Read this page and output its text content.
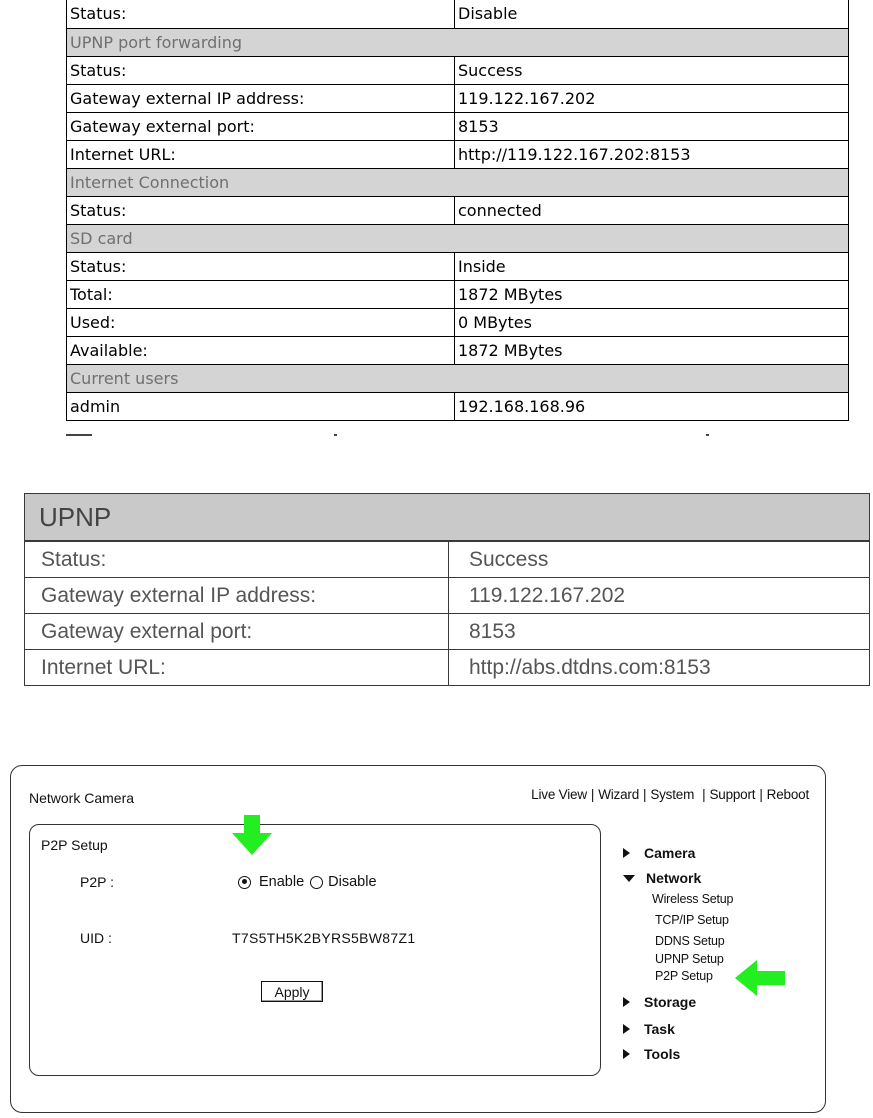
Status:	Disable
UPNP port forwarding
Status:	Success
Gateway external IP address:	119.122.167.202
Gateway external port:	8153
Internet URL:	http://119.122.167.202:8153
Internet Connection
Status:	connected
SD card
Status:	Inside
Total:	1872 MBytes
Used:	0 MBytes
Available:	1872 MBytes
Current users
admin	192.168.168.96
UPNP
Status:	Success
Gateway external IP address:	119.122.167.202
Gateway external port:	8153
Internet URL:	http://abs.dtdns.com:8153
Network Camera	Live View | Wizard | System | Support | Reboot
P2P Setup
P2P :	Enable Disable
UID :	T7S5TH5K2BYRS5BW87Z1
Apply
Camera
Network
Wireless Setup
TCP/IP Setup
DDNS Setup
UPNP Setup
P2P Setup
Storage
Task
Tools
